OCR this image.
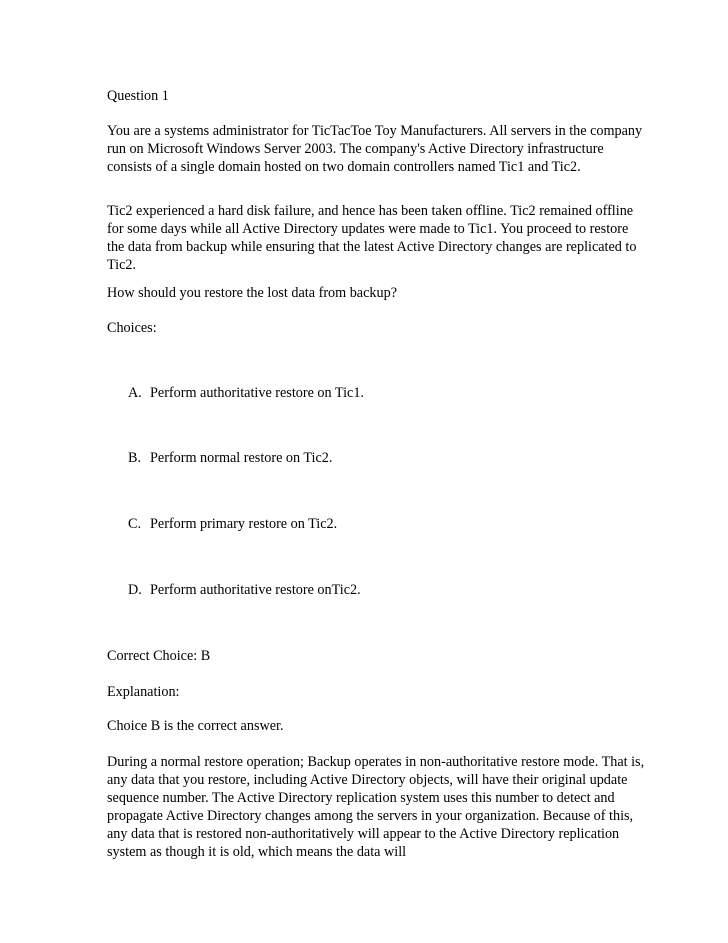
Question 1

You are a systems administrator for TicTacToe Toy Manufacturers. All servers in the company run on Microsoft Windows Server 2003. The company's Active Directory infrastructure consists of a single domain hosted on two domain controllers named Tic1 and Tic2.

Tic2 experienced a hard disk failure, and hence has been taken offline. Tic2 remained offline for some days while all Active Directory updates were made to Tic1. You proceed to restore the data from backup while ensuring that the latest Active Directory changes are replicated to Tic2.

How should you restore the lost data from backup?

Choices:

A. Perform authoritative restore on Tic1.
B. Perform normal restore on Tic2.
C. Perform primary restore on Tic2.
D. Perform authoritative restore onTic2.

Correct Choice: B

Explanation:

Choice B is the correct answer.

During a normal restore operation; Backup operates in non-authoritative restore mode. That is, any data that you restore, including Active Directory objects, will have their original update sequence number. The Active Directory replication system uses this number to detect and propagate Active Directory changes among the servers in your organization. Because of this, any data that is restored non-authoritatively will appear to the Active Directory replication system as though it is old, which means the data will
